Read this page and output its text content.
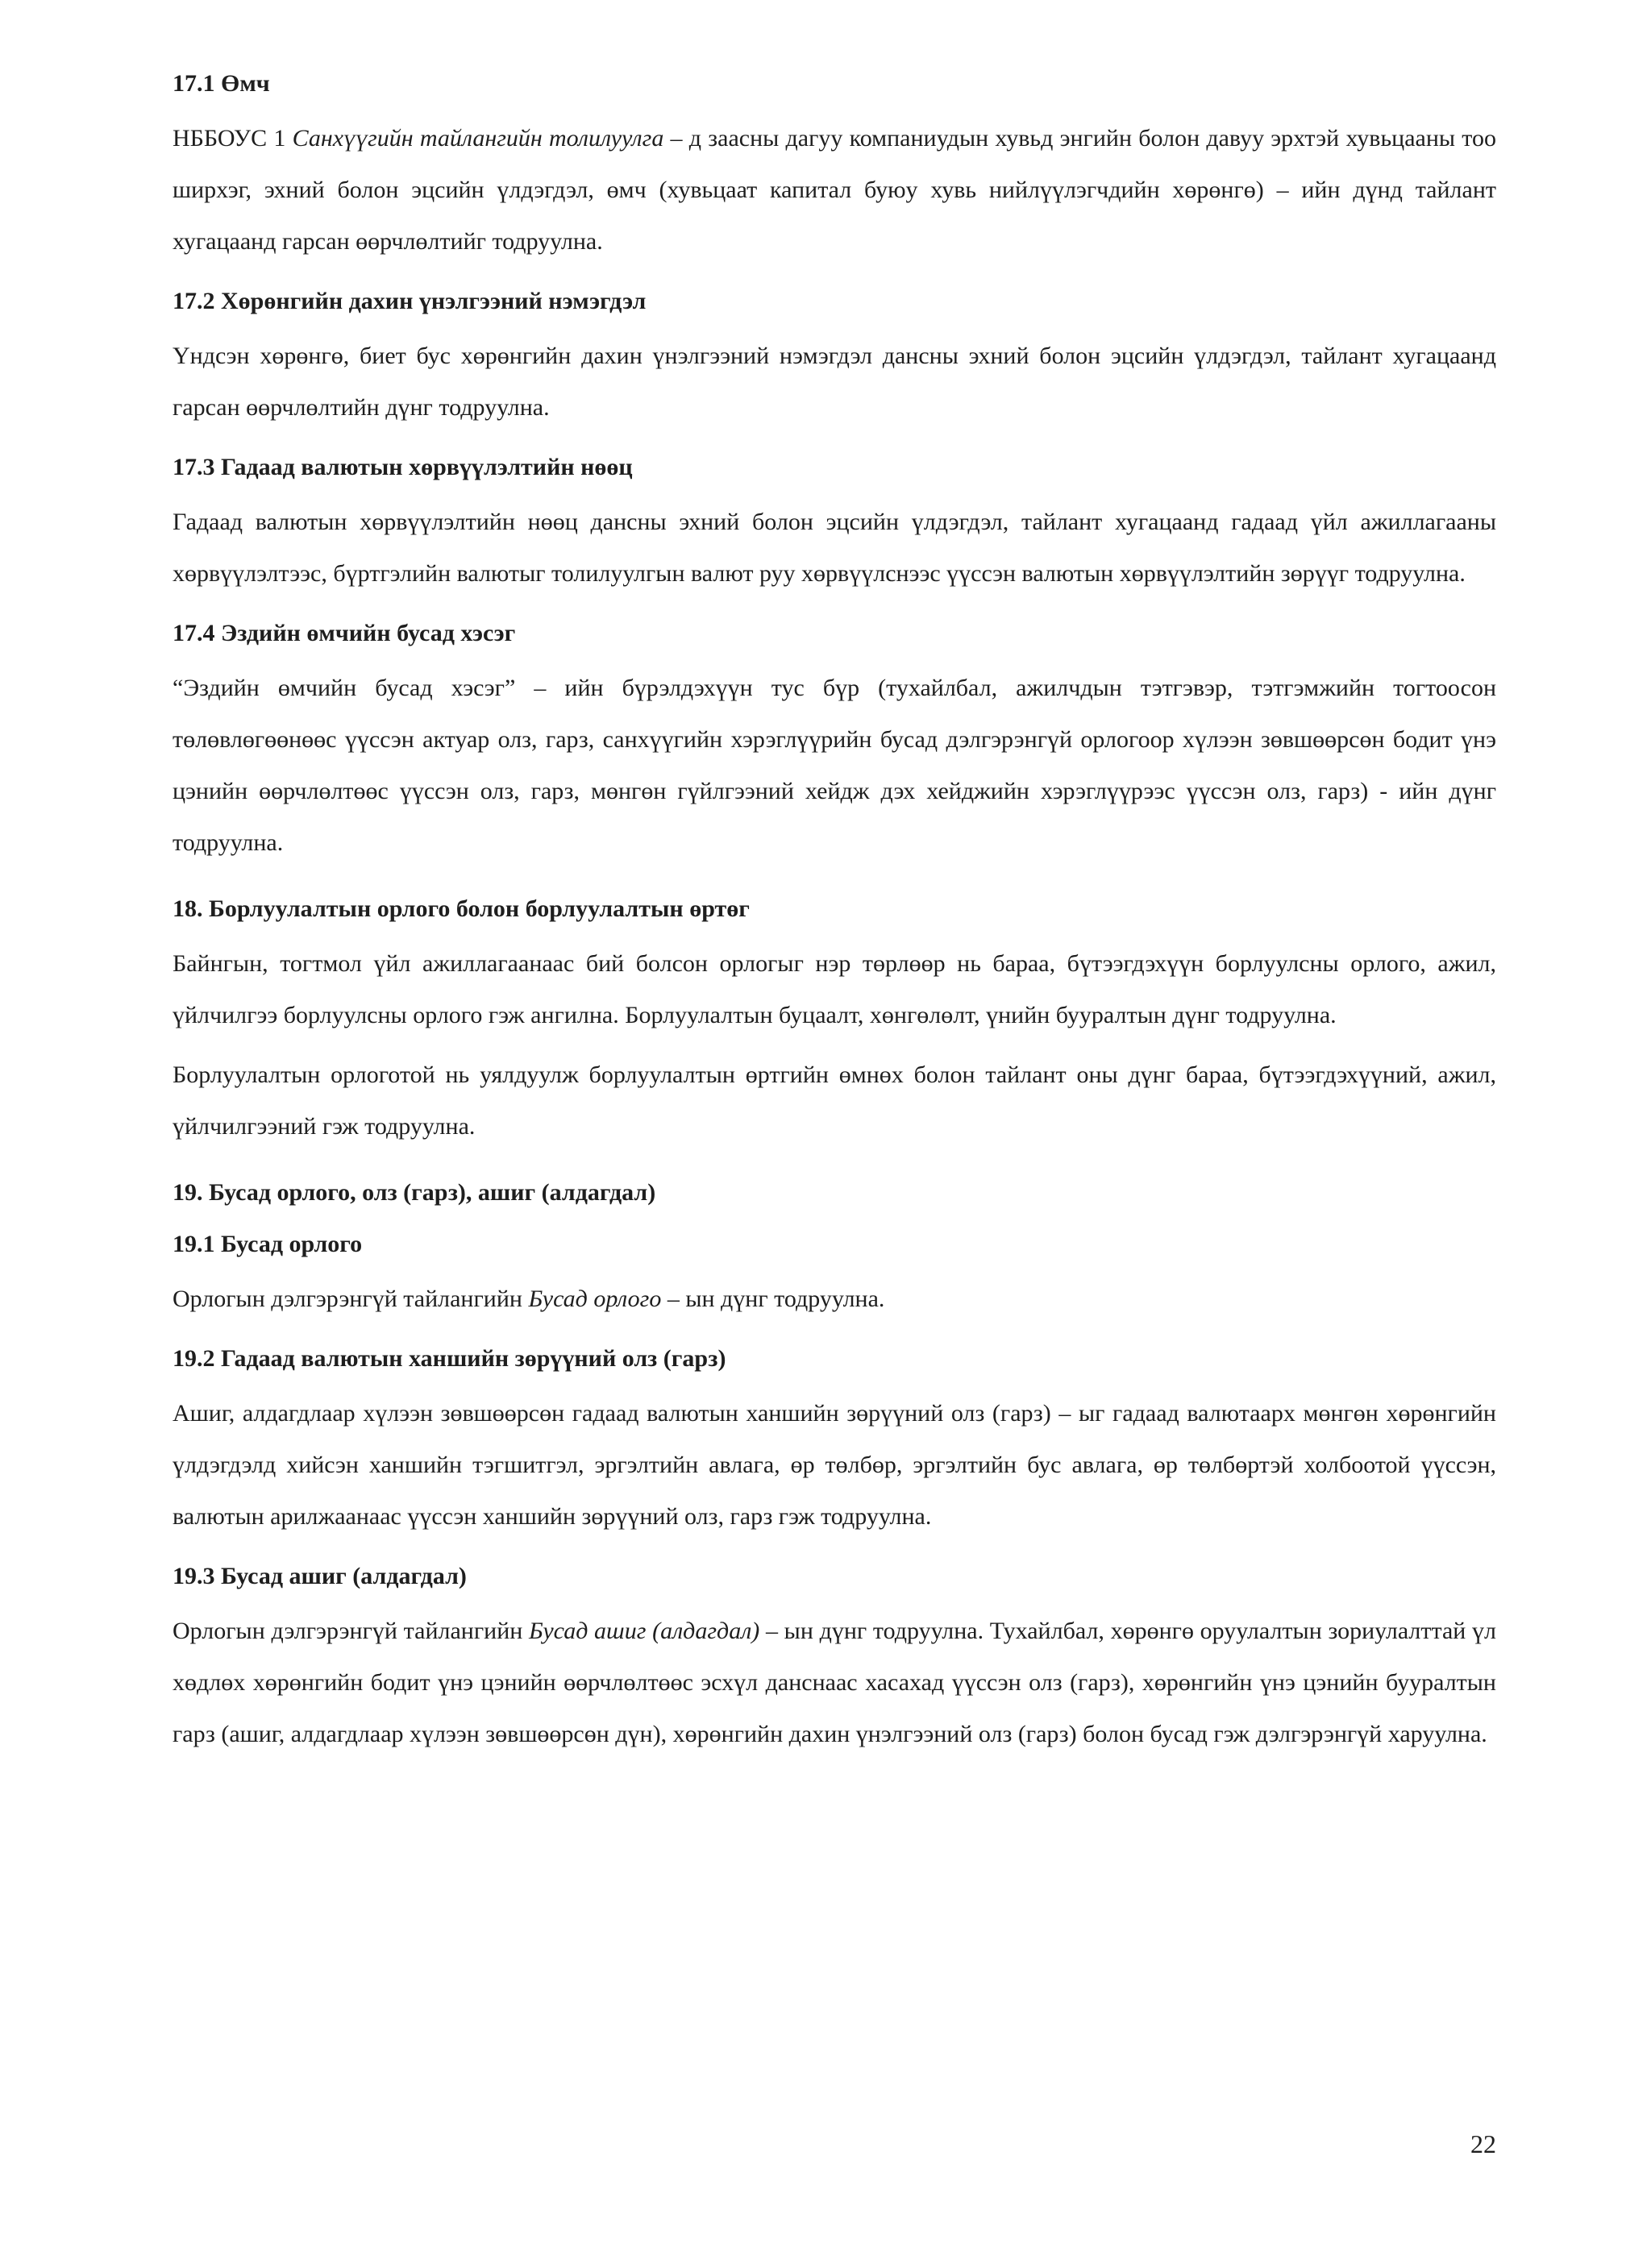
17.1 Өмч

НББОУС 1 Санхүүгийн тайлангийн толилуулга – д заасны дагуу компаниудын хувьд энгийн болон давуу эрхтэй хувьцааны тоо ширхэг, эхний болон эцсийн үлдэгдэл, өмч (хувьцаат капитал буюу хувь нийлүүлэгчдийн хөрөнгө) – ийн дүнд тайлант хугацаанд гарсан өөрчлөлтийг тодруулна.

17.2 Хөрөнгийн дахин үнэлгээний нэмэгдэл

Үндсэн хөрөнгө, биет бус хөрөнгийн дахин үнэлгээний нэмэгдэл дансны эхний болон эцсийн үлдэгдэл, тайлант хугацаанд гарсан өөрчлөлтийн дүнг тодруулна.

17.3 Гадаад валютын хөрвүүлэлтийн нөөц

Гадаад валютын хөрвүүлэлтийн нөөц дансны эхний болон эцсийн үлдэгдэл, тайлант хугацаанд гадаад үйл ажиллагааны хөрвүүлэлтээс, бүртгэлийн валютыг толилуулгын валют руу хөрвүүлснээс үүссэн валютын хөрвүүлэлтийн зөрүүг тодруулна.

17.4 Эздийн өмчийн бусад хэсэг

“Эздийн өмчийн бусад хэсэг” – ийн бүрэлдэхүүн тус бүр (тухайлбал, ажилчдын тэтгэвэр, тэтгэмжийн тогтоосон төлөвлөгөөнөөс үүссэн актуар олз, гарз, санхүүгийн хэрэглүүрийн бусад дэлгэрэнгүй орлогоор хүлээн зөвшөөрсөн бодит үнэ цэнийн өөрчлөлтөөс үүссэн олз, гарз, мөнгөн гүйлгээний хейдж дэх хейджийн хэрэглүүрээс үүссэн олз, гарз) - ийн дүнг тодруулна.

18. Борлуулалтын орлого болон борлуулалтын өртөг

Байнгын, тогтмол үйл ажиллагаанаас бий болсон орлогыг нэр төрлөөр нь бараа, бүтээгдэхүүн борлуулсны орлого, ажил, үйлчилгээ борлуулсны орлого гэж ангилна. Борлуулалтын буцаалт, хөнгөлөлт, үнийн бууралтын дүнг тодруулна.

Борлуулалтын орлоготой нь уялдуулж борлуулалтын өртгийн өмнөх болон тайлант оны дүнг бараа, бүтээгдэхүүний, ажил, үйлчилгээний гэж тодруулна.

19. Бусад орлого, олз (гарз), ашиг (алдагдал)
19.1 Бусад орлого

Орлогын дэлгэрэнгүй тайлангийн Бусад орлого – ын дүнг тодруулна.

19.2 Гадаад валютын ханшийн зөрүүний олз (гарз)

Ашиг, алдагдлаар хүлээн зөвшөөрсөн гадаад валютын ханшийн зөрүүний олз (гарз) – ыг гадаад валютаарх мөнгөн хөрөнгийн үлдэгдэлд хийсэн ханшийн тэгшитгэл, эргэлтийн авлага, өр төлбөр, эргэлтийн бус авлага, өр төлбөртэй холбоотой үүссэн, валютын арилжаанаас үүссэн ханшийн зөрүүний олз, гарз гэж тодруулна.

19.3 Бусад ашиг (алдагдал)

Орлогын дэлгэрэнгүй тайлангийн Бусад ашиг (алдагдал) – ын дүнг тодруулна. Тухайлбал, хөрөнгө оруулалтын зориулалттай үл хөдлөх хөрөнгийн бодит үнэ цэнийн өөрчлөлтөөс эсхүл данснаас хасахад үүссэн олз (гарз), хөрөнгийн үнэ цэнийн бууралтын гарз (ашиг, алдагдлаар хүлээн зөвшөөрсөн дүн), хөрөнгийн дахин үнэлгээний олз (гарз) болон бусад гэж дэлгэрэнгүй харуулна.

22
